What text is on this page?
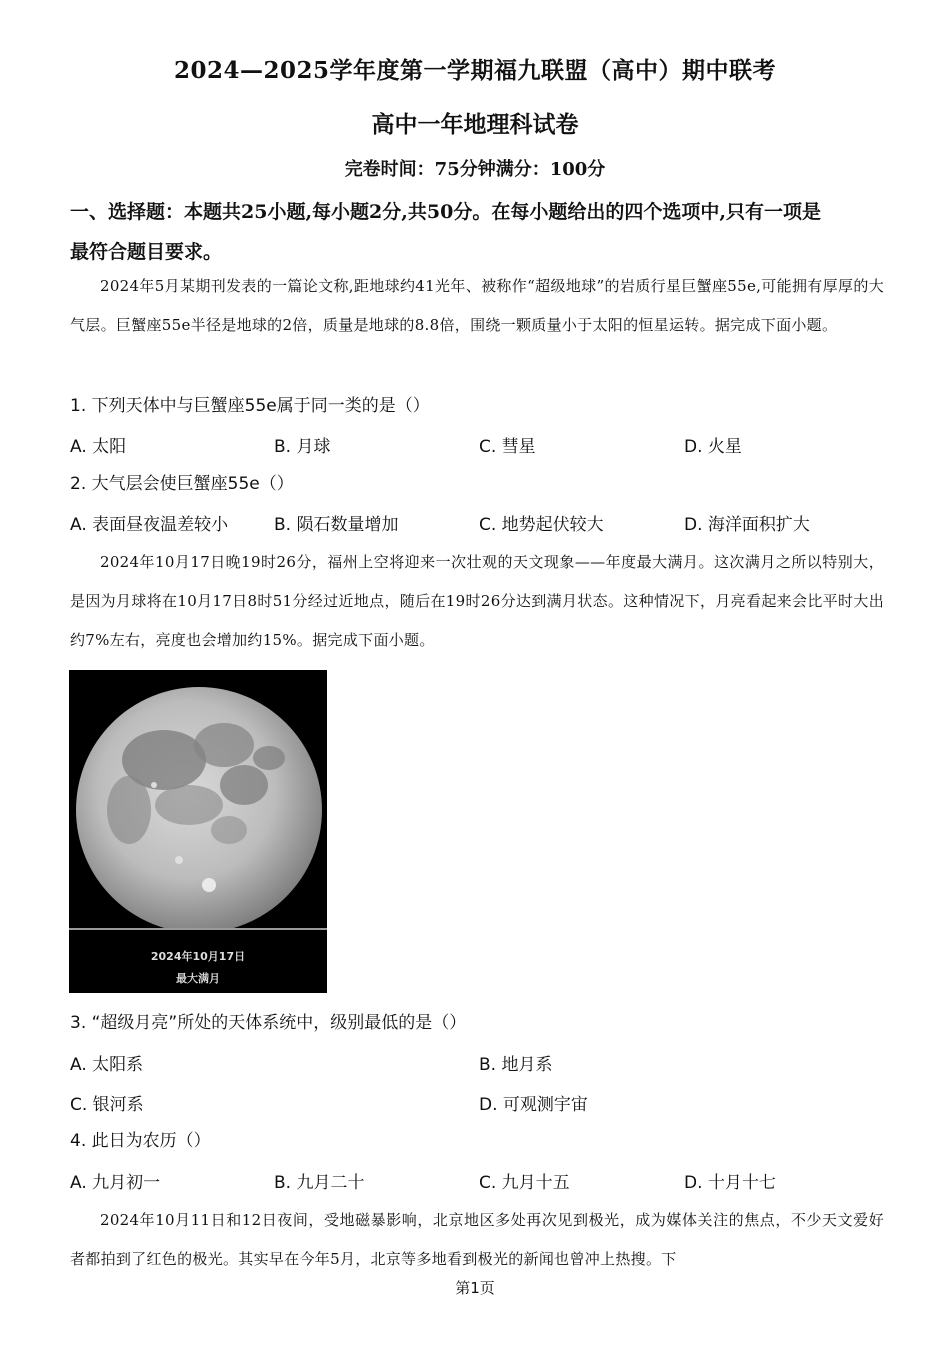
2024—2025学年度第一学期福九联盟（高中）期中联考
高中一年地理科试卷
完卷时间：75分钟满分：100分
一、选择题：本题共25小题,每小题2分,共50分。在每小题给出的四个选项中,只有一项是
最符合题目要求。
2024年5月某期刊发表的一篇论文称,距地球约41光年、被称作“超级地球”的岩质行星巨蟹座55e,可能拥有厚厚的大气层。巨蟹座55e半径是地球的2倍，质量是地球的8.8倍，围绕一颗质量小于太阳的恒星运转。据完成下面小题。
1. 下列天体中与巨蟹座55e属于同一类的是（）
A. 太阳	B. 月球	C. 彗星	D. 火星
2. 大气层会使巨蟹座55e（）
A. 表面昼夜温差较小	B. 陨石数量增加	C. 地势起伏较大	D. 海洋面积扩大
2024年10月17日晚19时26分，福州上空将迎来一次壮观的天文现象——年度最大满月。这次满月之所以特别大，是因为月球将在10月17日8时51分经过近地点，随后在19时26分达到满月状态。这种情况下，月亮看起来会比平时大出约7%左右，亮度也会增加约15%。据完成下面小题。
2024年10月17日
最大满月
3. “超级月亮”所处的天体系统中，级别最低的是（）
A. 太阳系	B. 地月系
C. 银河系	D. 可观测宇宙
4. 此日为农历（）
A. 九月初一	B. 九月二十	C. 九月十五	D. 十月十七
2024年10月11日和12日夜间，受地磁暴影响，北京地区多处再次见到极光，成为媒体关注的焦点，不少天文爱好者都拍到了红色的极光。其实早在今年5月，北京等多地看到极光的新闻也曾冲上热搜。下
第1页
